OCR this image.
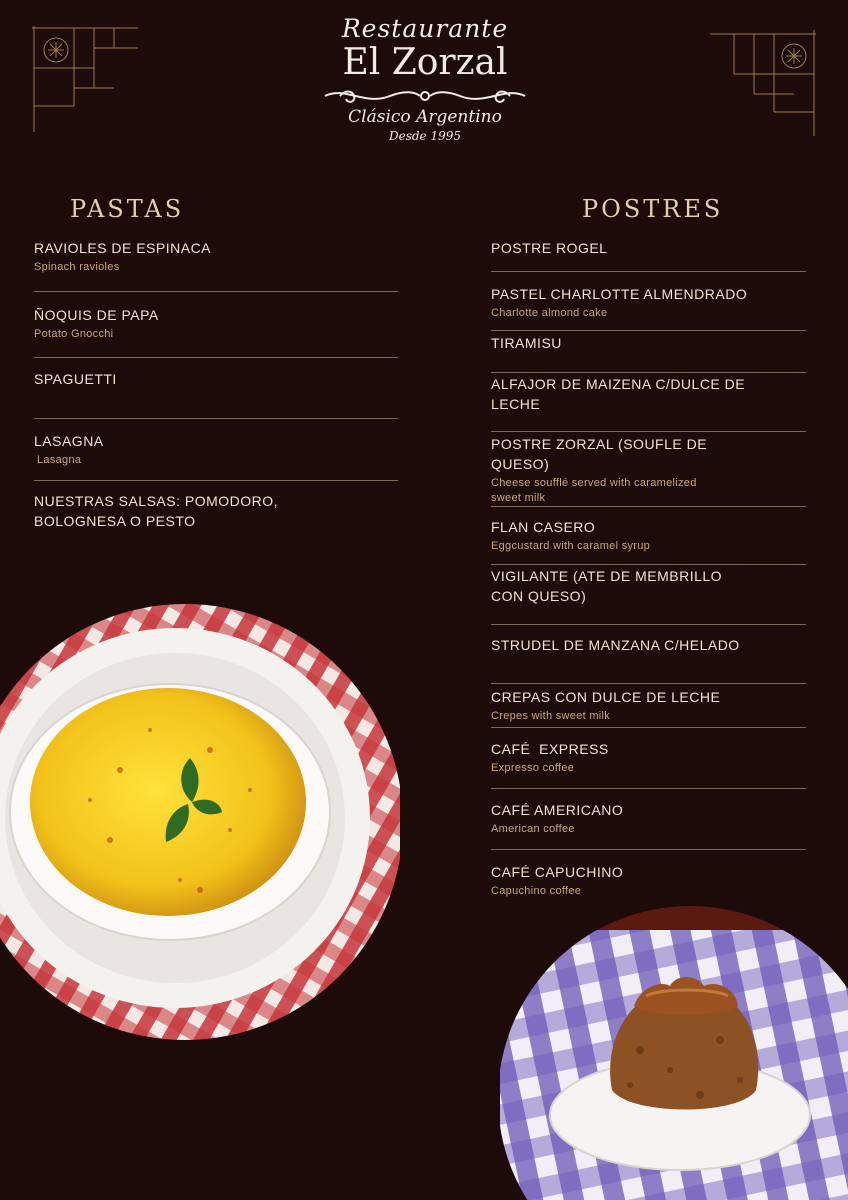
Restaurante
El Zorzal
Clásico Argentino
Desde 1995
PASTAS

RAVIOLES DE ESPINACA

Spinach ravioles

ÑOQUIS DE PAPA

Potato Gnocchi

SPAGUETTI

LASAGNA

Lasagna

NUESTRAS SALSAS: POMODORO,

BOLOGNESA O PESTO

POSTRES

POSTRE ROGEL

PASTEL CHARLOTTE ALMENDRADO

Charlotte almond cake

TIRAMISU

ALFAJOR DE MAIZENA C/DULCE DE

LECHE

POSTRE ZORZAL (SOUFLE DE

QUESO)

Cheese soufflé served with caramelized

sweet milk

FLAN CASERO

Eggcustard with caramel syrup

VIGILANTE (ATE DE MEMBRILLO

CON QUESO)

STRUDEL DE MANZANA C/HELADO

CREPAS CON DULCE DE LECHE

Crepes with sweet milk

CAFÉ  EXPRESS

Expresso coffee

CAFÉ AMERICANO

American coffee

CAFÉ CAPUCHINO

Capuchino coffee
